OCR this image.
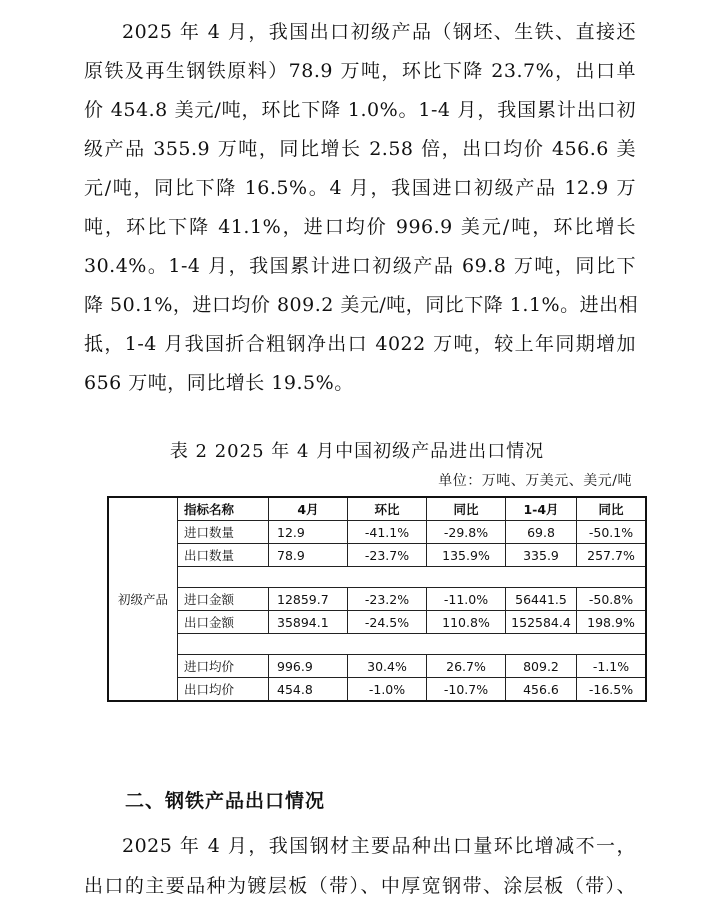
2025 年 4 月，我国出口初级产品（钢坯、生铁、直接还
原铁及再生钢铁原料）78.9 万吨，环比下降 23.7%，出口单
价 454.8 美元/吨，环比下降 1.0%。1-4 月，我国累计出口初
级产品 355.9 万吨，同比增长 2.58 倍，出口均价 456.6 美
元/吨，同比下降 16.5%。4 月，我国进口初级产品 12.9 万
吨，环比下降 41.1%，进口均价 996.9 美元/吨，环比增长
30.4%。1-4 月，我国累计进口初级产品 69.8 万吨，同比下
降 50.1%，进口均价 809.2 美元/吨，同比下降 1.1%。进出相
抵，1-4 月我国折合粗钢净出口 4022 万吨，较上年同期增加
656 万吨，同比增长 19.5%。
表 2 2025 年 4 月中国初级产品进出口情况
单位：万吨、万美元、美元/吨
初级产品	指标名称	4月	环比	同比	1-4月	同比
	进口数量	12.9	-41.1%	-29.8%	69.8	-50.1%
	出口数量	78.9	-23.7%	135.9%	335.9	257.7%

	进口金额	12859.7	-23.2%	-11.0%	56441.5	-50.8%
	出口金额	35894.1	-24.5%	110.8%	152584.4	198.9%

	进口均价	996.9	30.4%	26.7%	809.2	-1.1%
	出口均价	454.8	-1.0%	-10.7%	456.6	-16.5%
二、钢铁产品出口情况
2025 年 4 月，我国钢材主要品种出口量环比增减不一，
出口的主要品种为镀层板（带）、中厚宽钢带、涂层板（带）、
